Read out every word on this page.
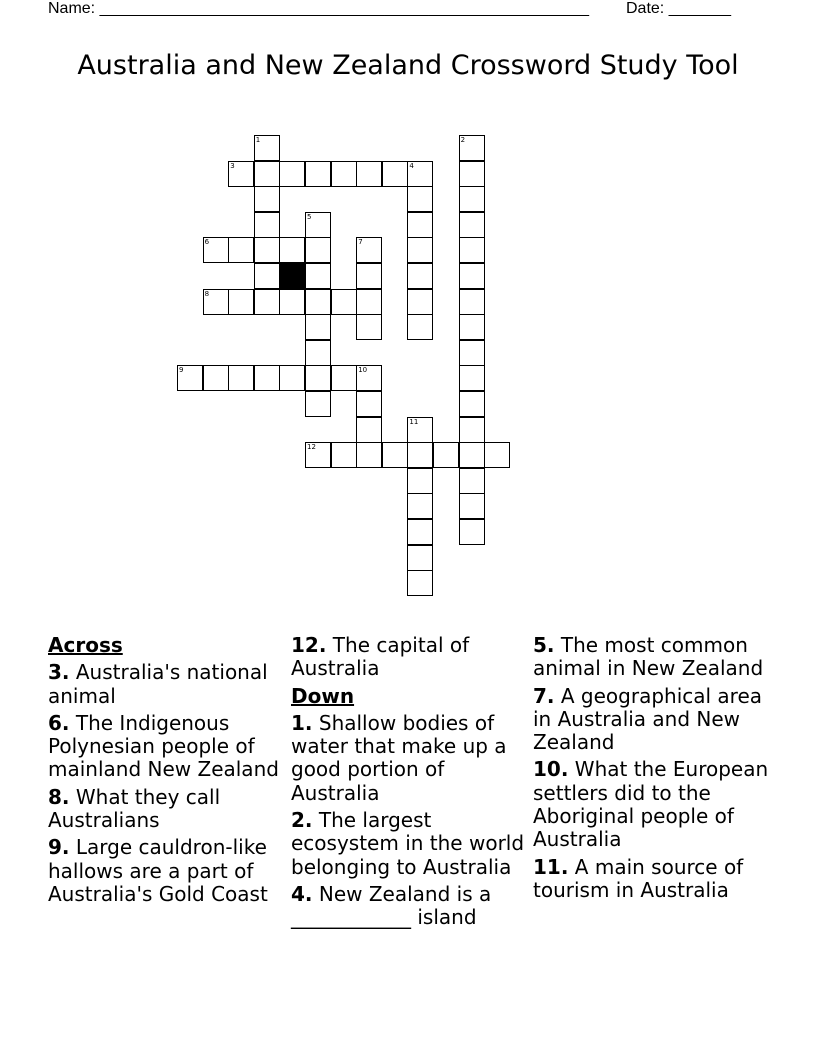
Name: _______________________________________________________ Date: _______
Australia and New Zealand Crossword Study Tool
1	2
3	4
5
6	7
8
9	10
11
12
Across
3. Australia's national animal
6. The Indigenous Polynesian people of mainland New Zealand
8. What they call Australians
9. Large cauldron-like hallows are a part of Australia's Gold Coast
12. The capital of Australia
Down
1. Shallow bodies of water that make up a good portion of Australia
2. The largest ecosystem in the world belonging to Australia
4. New Zealand is a ____________ island
5. The most common animal in New Zealand
7. A geographical area in Australia and New Zealand
10. What the European settlers did to the Aboriginal people of Australia
11. A main source of tourism in Australia
